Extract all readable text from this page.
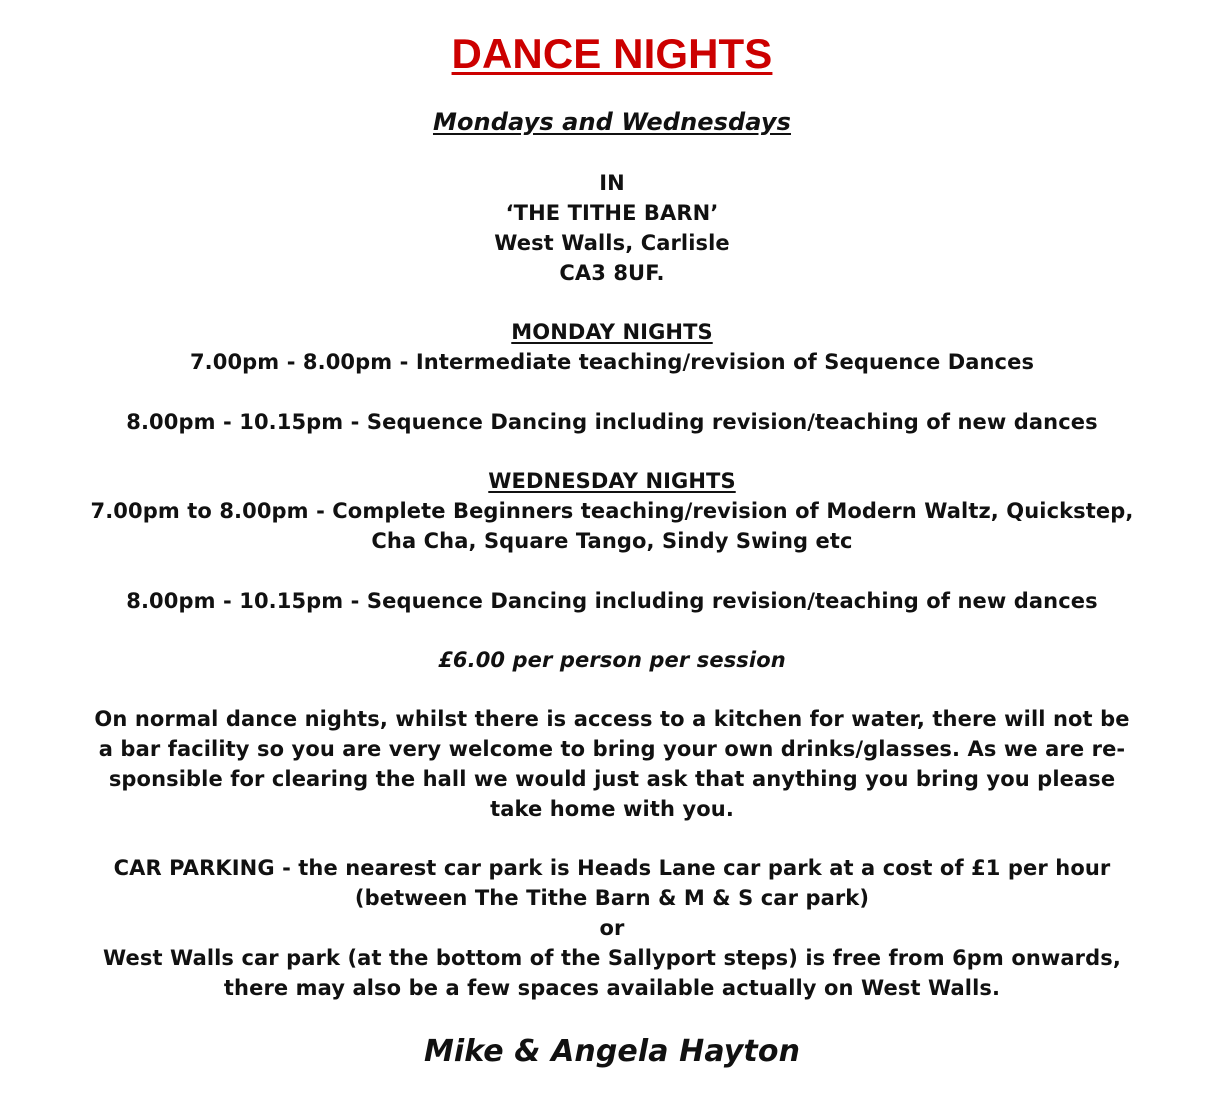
DANCE NIGHTS
Mondays and Wednesdays
IN
‘THE TITHE BARN’
West Walls, Carlisle
CA3 8UF.
MONDAY NIGHTS
7.00pm - 8.00pm - Intermediate teaching/revision of Sequence Dances
8.00pm - 10.15pm - Sequence Dancing including revision/teaching of new dances
WEDNESDAY NIGHTS
7.00pm to 8.00pm - Complete Beginners teaching/revision of Modern Waltz, Quickstep,
Cha Cha, Square Tango, Sindy Swing etc
8.00pm - 10.15pm - Sequence Dancing including revision/teaching of new dances
£6.00 per person per session
On normal dance nights, whilst there is access to a kitchen for water, there will not be
a bar facility so you are very welcome to bring your own drinks/glasses. As we are re-
sponsible for clearing the hall we would just ask that anything you bring you please
take home with you.
CAR PARKING - the nearest car park is Heads Lane car park at a cost of £1 per hour
(between The Tithe Barn & M & S car park)
or
West Walls car park (at the bottom of the Sallyport steps) is free from 6pm onwards,
there may also be a few spaces available actually on West Walls.
Mike & Angela Hayton
